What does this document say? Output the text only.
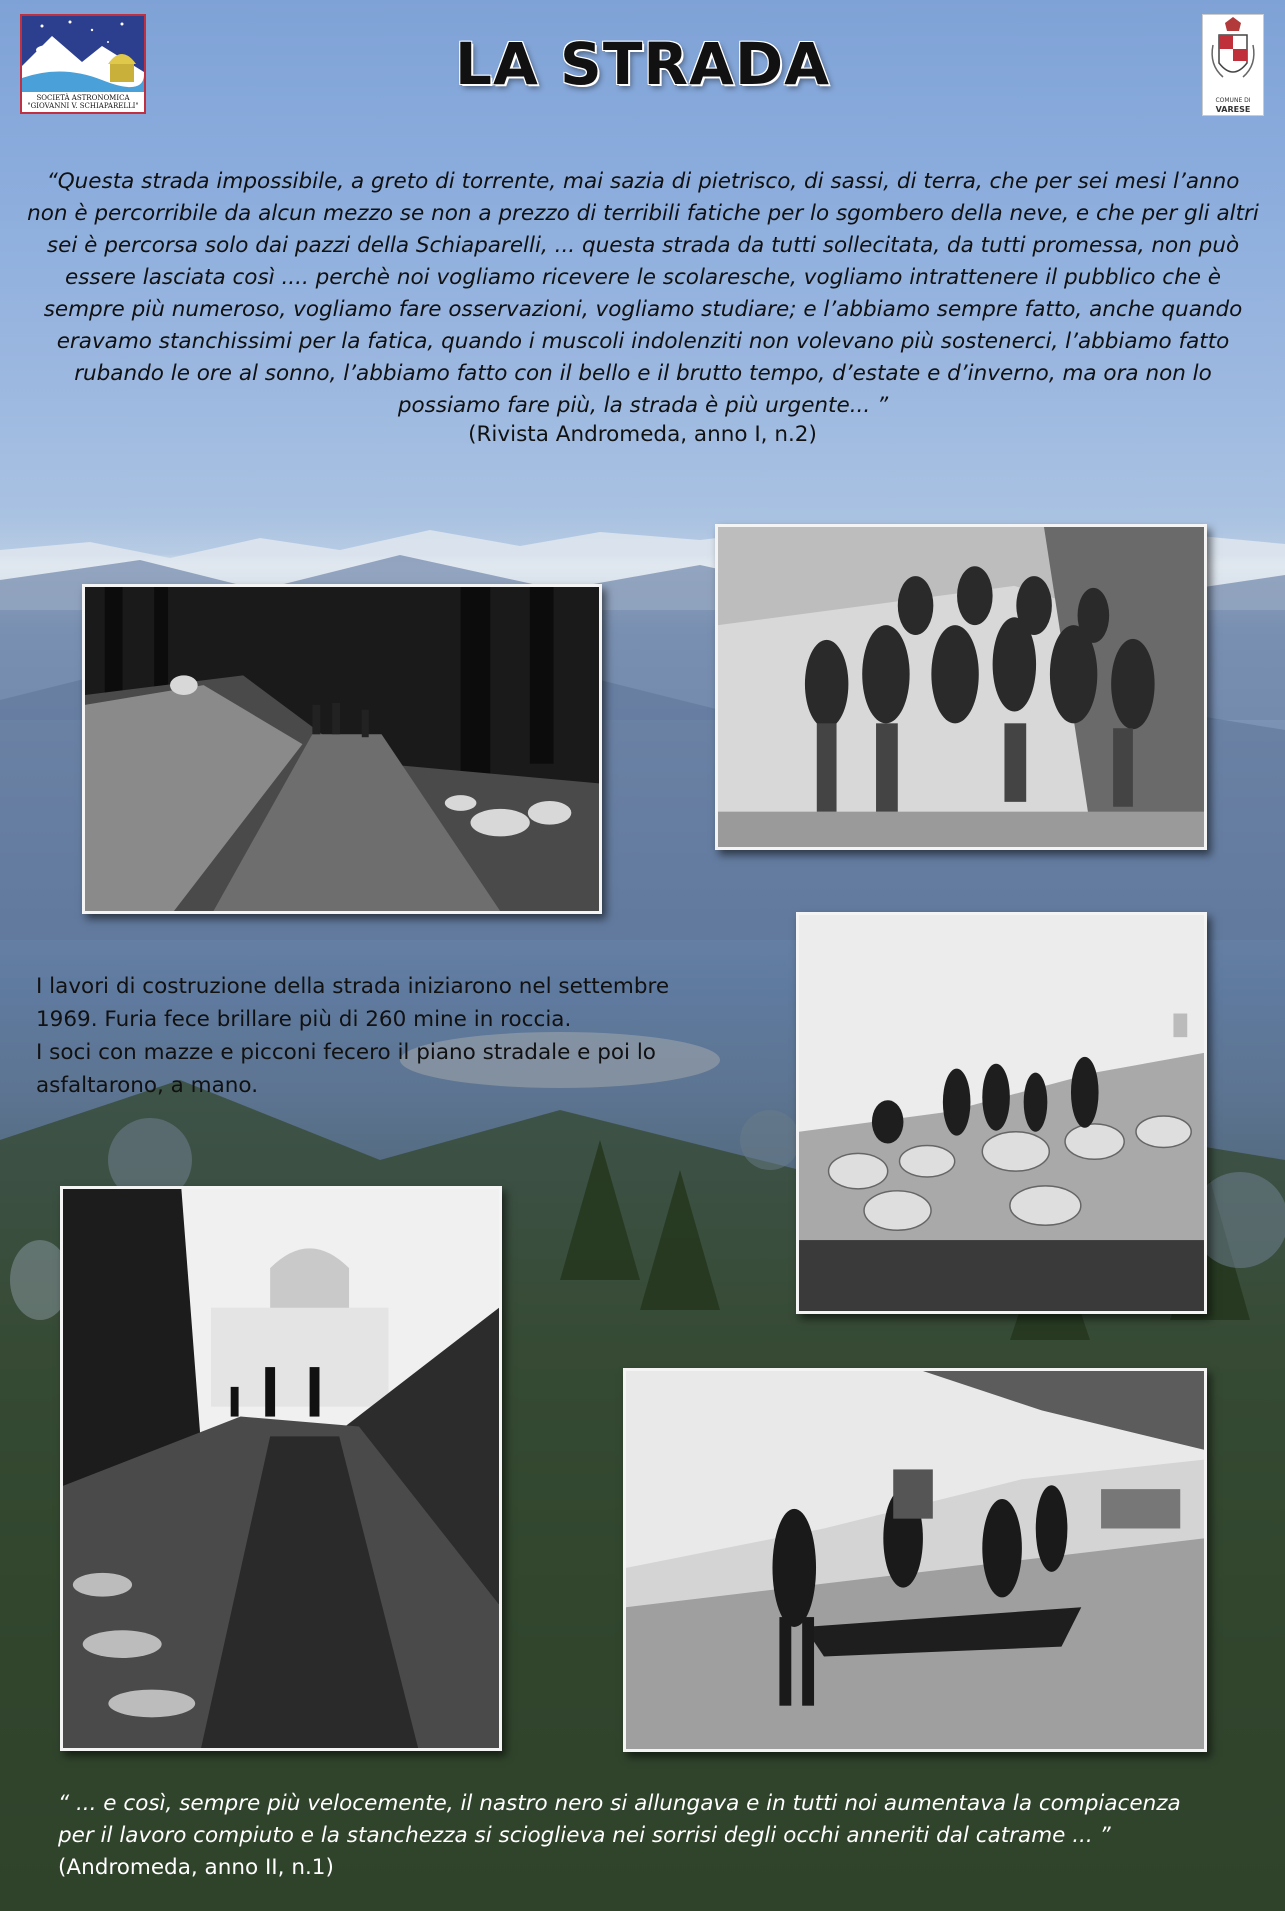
SOCIETÀ ASTRONOMICA
"GIOVANNI V. SCHIAPARELLI"
COMUNE DI
VARESE
LA STRADA

“Questa strada impossibile, a greto di torrente, mai sazia di pietrisco, di sassi, di terra, che per sei mesi l’anno non è percorribile da alcun mezzo se non a prezzo di terribili fatiche per lo sgombero della neve, e che per gli altri sei è percorsa solo dai pazzi della Schiaparelli, ... questa strada da tutti sollecitata, da tutti promessa, non può essere lasciata così .... perchè noi vogliamo ricevere le scolaresche, vogliamo intrattenere il pubblico che è sempre più numeroso, vogliamo fare osservazioni, vogliamo studiare; e l’abbiamo sempre fatto, anche quando eravamo stanchissimi per la fatica, quando i muscoli indolenziti non volevano più sostenerci, l’abbiamo fatto rubando le ore al sonno, l’abbiamo fatto con il bello e il brutto tempo, d’estate e d’inverno, ma ora non lo possiamo fare più, la strada è più urgente... ”

(Rivista Andromeda, anno I, n.2)

I lavori di costruzione della strada iniziarono nel settembre

1969. Furia fece brillare più di 260 mine in roccia.

I soci con mazze e picconi fecero il piano stradale e poi lo

asfaltarono, a mano.

“ ... e così, sempre più velocemente, il nastro nero si allungava e in tutti noi aumentava la compiacenza

per il lavoro compiuto e la stanchezza si scioglieva nei sorrisi degli occhi anneriti dal catrame ... ”

(Andromeda, anno II, n.1)
